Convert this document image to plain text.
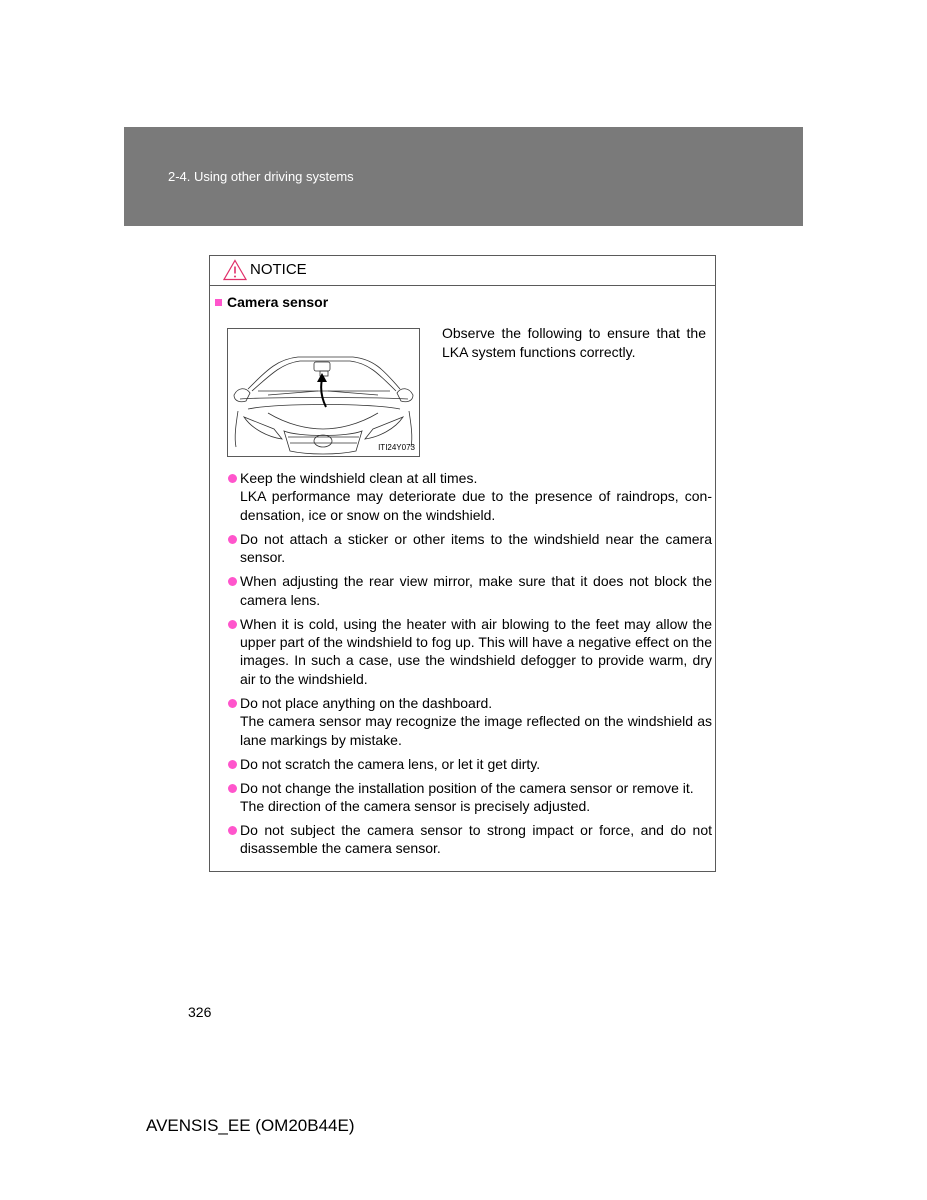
2-4. Using other driving systems
NOTICE
Camera sensor
ITI24Y073
Observe the following to ensure that the LKA system functions correctly.
Keep the windshield clean at all times.
LKA performance may deteriorate due to the presence of raindrops, con-densation, ice or snow on the windshield.
Do not attach a sticker or other items to the windshield near the camera sensor.
When adjusting the rear view mirror, make sure that it does not block the camera lens.
When it is cold, using the heater with air blowing to the feet may allow the upper part of the windshield to fog up. This will have a negative effect on the images. In such a case, use the windshield defogger to provide warm, dry air to the windshield.
Do not place anything on the dashboard.
The camera sensor may recognize the image reflected on the windshield as lane markings by mistake.
Do not scratch the camera lens, or let it get dirty.
Do not change the installation position of the camera sensor or remove it.
The direction of the camera sensor is precisely adjusted.
Do not subject the camera sensor to strong impact or force, and do not disassemble the camera sensor.
326
AVENSIS_EE (OM20B44E)
